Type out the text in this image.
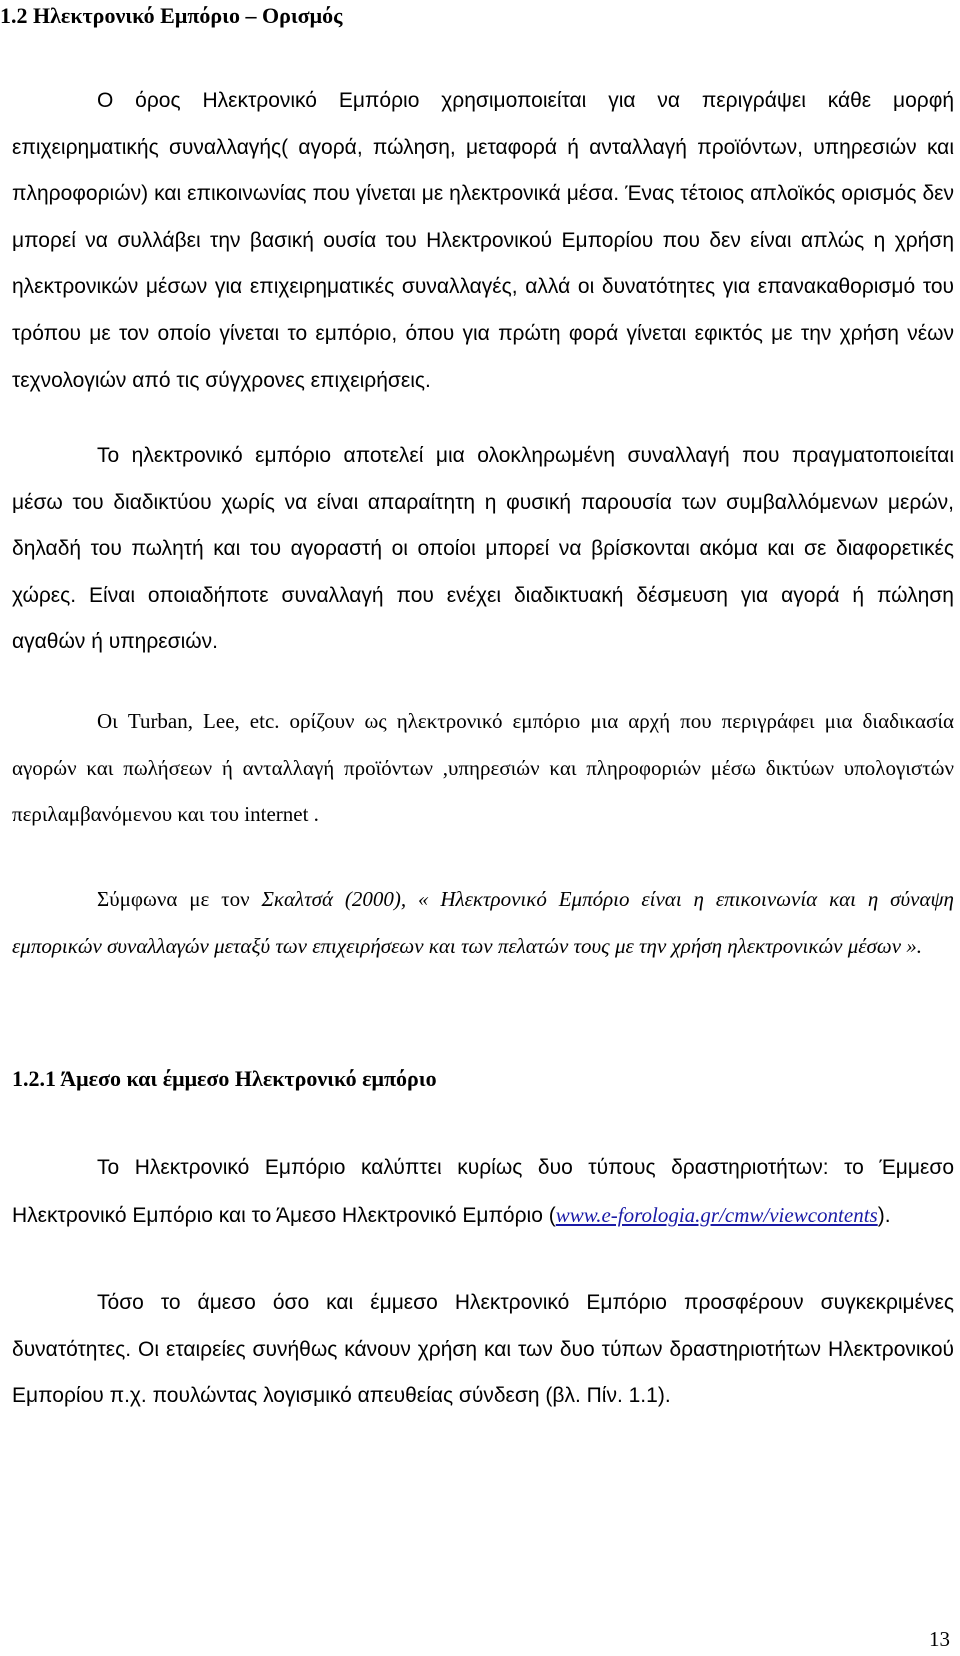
1.2 Ηλεκτρονικό Εμπόριο – Ορισμός

Ο όρος Ηλεκτρονικό Εμπόριο χρησιμοποιείται για να περιγράψει κάθε μορφή επιχειρηματικής συναλλαγής( αγορά, πώληση, μεταφορά ή ανταλλαγή προϊόντων, υπηρεσιών και πληροφοριών) και επικοινωνίας που γίνεται με ηλεκτρονικά μέσα. Ένας τέτοιος απλοϊκός ορισμός δεν μπορεί να συλλάβει την βασική ουσία του Ηλεκτρονικού Εμπορίου που δεν είναι απλώς η χρήση ηλεκτρονικών μέσων για επιχειρηματικές συναλλαγές, αλλά οι δυνατότητες για επανακαθορισμό του τρόπου με τον οποίο γίνεται το εμπόριο, όπου για πρώτη φορά γίνεται εφικτός με την χρήση νέων τεχνολογιών από τις σύγχρονες επιχειρήσεις.

Το ηλεκτρονικό εμπόριο αποτελεί μια ολοκληρωμένη συναλλαγή που πραγματοποιείται μέσω του διαδικτύου χωρίς να είναι απαραίτητη η φυσική παρουσία των συμβαλλόμενων μερών, δηλαδή του πωλητή και του αγοραστή οι οποίοι μπορεί να βρίσκονται ακόμα και σε διαφορετικές χώρες. Είναι οποιαδήποτε συναλλαγή που ενέχει διαδικτυακή δέσμευση για αγορά ή πώληση αγαθών ή υπηρεσιών.

Οι Turban, Lee, etc. ορίζουν ως ηλεκτρονικό εμπόριο μια αρχή που περιγράφει μια διαδικασία αγορών και πωλήσεων ή ανταλλαγή προϊόντων ,υπηρεσιών και πληροφοριών μέσω δικτύων υπολογιστών περιλαμβανόμενου και του internet .

Σύμφωνα με τον Σκαλτσά (2000), « Ηλεκτρονικό Εμπόριο είναι η επικοινωνία και η σύναψη εμπορικών συναλλαγών μεταξύ των επιχειρήσεων και των πελατών τους με την χρήση ηλεκτρονικών μέσων ».

1.2.1 Άμεσο και έμμεσο Ηλεκτρονικό εμπόριο

Το Ηλεκτρονικό Εμπόριο καλύπτει κυρίως δυο τύπους δραστηριοτήτων: το Έμμεσο Ηλεκτρονικό Εμπόριο και το Άμεσο Ηλεκτρονικό Εμπόριο (www.e-forologia.gr/cmw/viewcontents).

Τόσο το άμεσο όσο και έμμεσο Ηλεκτρονικό Εμπόριο προσφέρουν συγκεκριμένες δυνατότητες. Οι εταιρείες συνήθως κάνουν χρήση και των δυο τύπων δραστηριοτήτων Ηλεκτρονικού Εμπορίου π.χ. πουλώντας λογισμικό απευθείας σύνδεση (βλ. Πίν. 1.1).

13
